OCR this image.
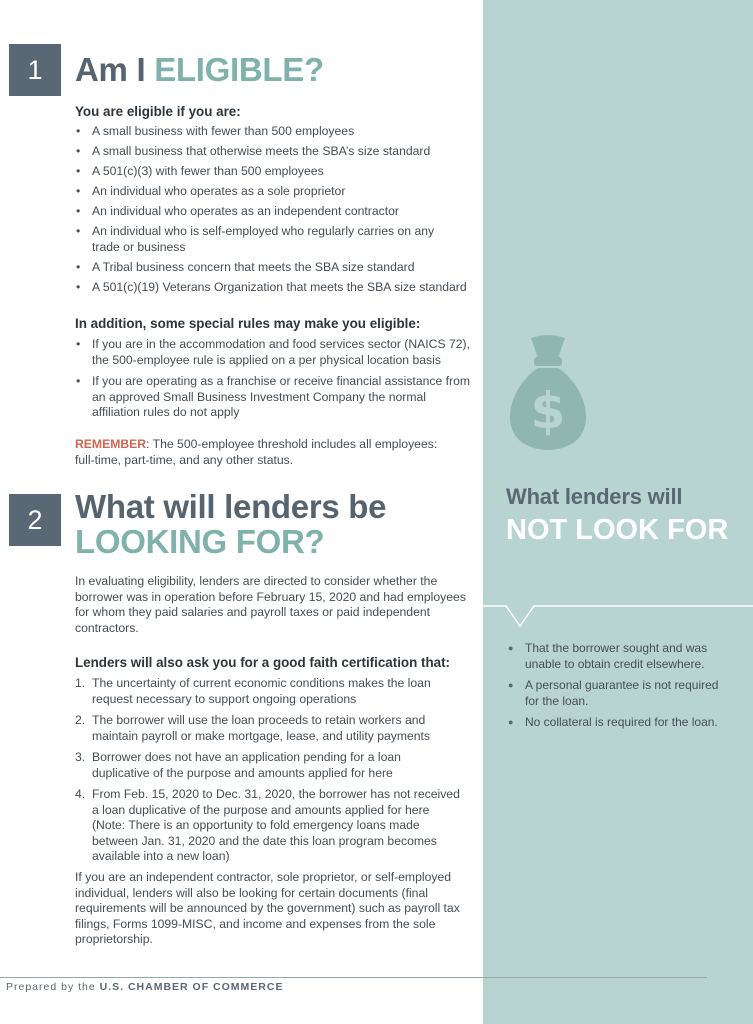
$
What lenders will
NOT LOOK FOR
● That the borrower sought and was unable to obtain credit elsewhere.
● A personal guarantee is not required for the loan.
● No collateral is required for the loan.
1 Am I ELIGIBLE?
You are eligible if you are:
• A small business with fewer than 500 employees
• A small business that otherwise meets the SBA’s size standard
• A 501(c)(3) with fewer than 500 employees
• An individual who operates as a sole proprietor
• An individual who operates as an independent contractor
• An individual who is self-employed who regularly carries on any trade or business
• A Tribal business concern that meets the SBA size standard
• A 501(c)(19) Veterans Organization that meets the SBA size standard
In addition, some special rules may make you eligible:
• If you are in the accommodation and food services sector (NAICS 72), the 500-employee rule is applied on a per physical location basis
• If you are operating as a franchise or receive financial assistance from an approved Small Business Investment Company the normal affiliation rules do not apply
REMEMBER: The 500-employee threshold includes all employees: full-time, part-time, and any other status.
2 What will lenders be
LOOKING FOR?
In evaluating eligibility, lenders are directed to consider whether the borrower was in operation before February 15, 2020 and had employees for whom they paid salaries and payroll taxes or paid independent contractors.
Lenders will also ask you for a good faith certification that:
1. The uncertainty of current economic conditions makes the loan request necessary to support ongoing operations
2. The borrower will use the loan proceeds to retain workers and maintain payroll or make mortgage, lease, and utility payments
3. Borrower does not have an application pending for a loan duplicative of the purpose and amounts applied for here
4. From Feb. 15, 2020 to Dec. 31, 2020, the borrower has not received a loan duplicative of the purpose and amounts applied for here (Note: There is an opportunity to fold emergency loans made between Jan. 31, 2020 and the date this loan program becomes available into a new loan)
If you are an independent contractor, sole proprietor, or self-employed individual, lenders will also be looking for certain documents (final requirements will be announced by the government) such as payroll tax filings, Forms 1099-MISC, and income and expenses from the sole proprietorship.
Prepared by the U.S. CHAMBER OF COMMERCE
